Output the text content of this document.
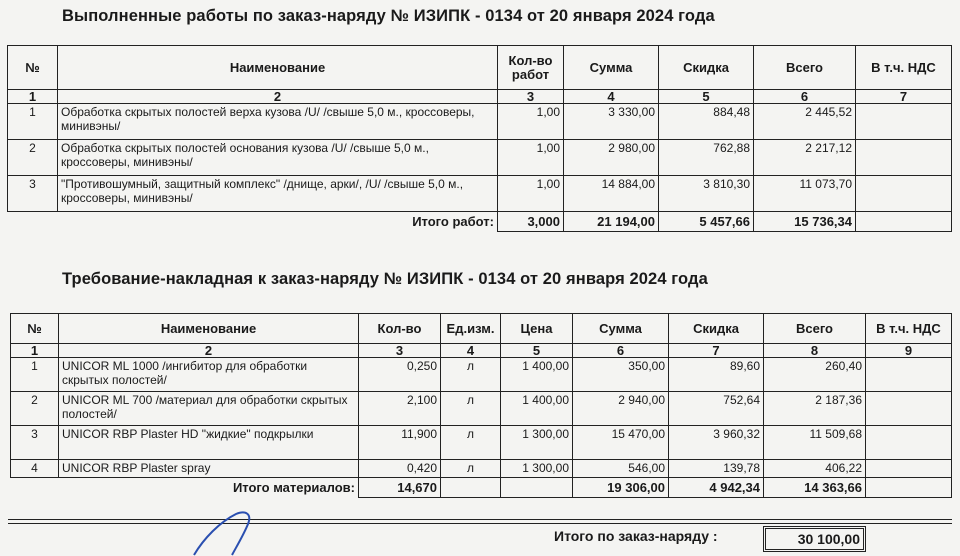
Выполненные работы по заказ-наряду № ИЗИПК - 0134 от 20 января 2024 года
№	Наименование	Кол-во работ	Сумма	Скидка	Всего	В т.ч. НДС
1	2	3	4	5	6	7
1	Обработка скрытых полостей верха кузова /U/ /свыше 5,0 м., кроссоверы, минивэны/	1,00	3 330,00	884,48	2 445,52	
2	Обработка скрытых полостей основания кузова /U/ /свыше 5,0 м., кроссоверы, минивэны/	1,00	2 980,00	762,88	2 217,12	
3	"Противошумный, защитный комплекс" /днище, арки/, /U/ /свыше 5,0 м., кроссоверы, минивэны/	1,00	14 884,00	3 810,30	11 073,70	
Итого работ:		3,000	21 194,00	5 457,66	15 736,34	
Требование-накладная к заказ-наряду № ИЗИПК - 0134 от 20 января 2024 года
№	Наименование	Кол-во	Ед.изм.	Цена	Сумма	Скидка	Всего	В т.ч. НДС
1	2	3	4	5	6	7	8	9
1	UNICOR ML 1000 /ингибитор для обработки скрытых полостей/	0,250	л	1 400,00	350,00	89,60	260,40	
2	UNICOR ML 700 /материал для обработки скрытых полостей/	2,100	л	1 400,00	2 940,00	752,64	2 187,36	
3	UNICOR RBP Plaster HD "жидкие" подкрылки	11,900	л	1 300,00	15 470,00	3 960,32	11 509,68	
4	UNICOR RBP Plaster spray	0,420	л	1 300,00	546,00	139,78	406,22	
Итого материалов:		14,670			19 306,00	4 942,34	14 363,66	
Итого по заказ-наряду :	30 100,00
